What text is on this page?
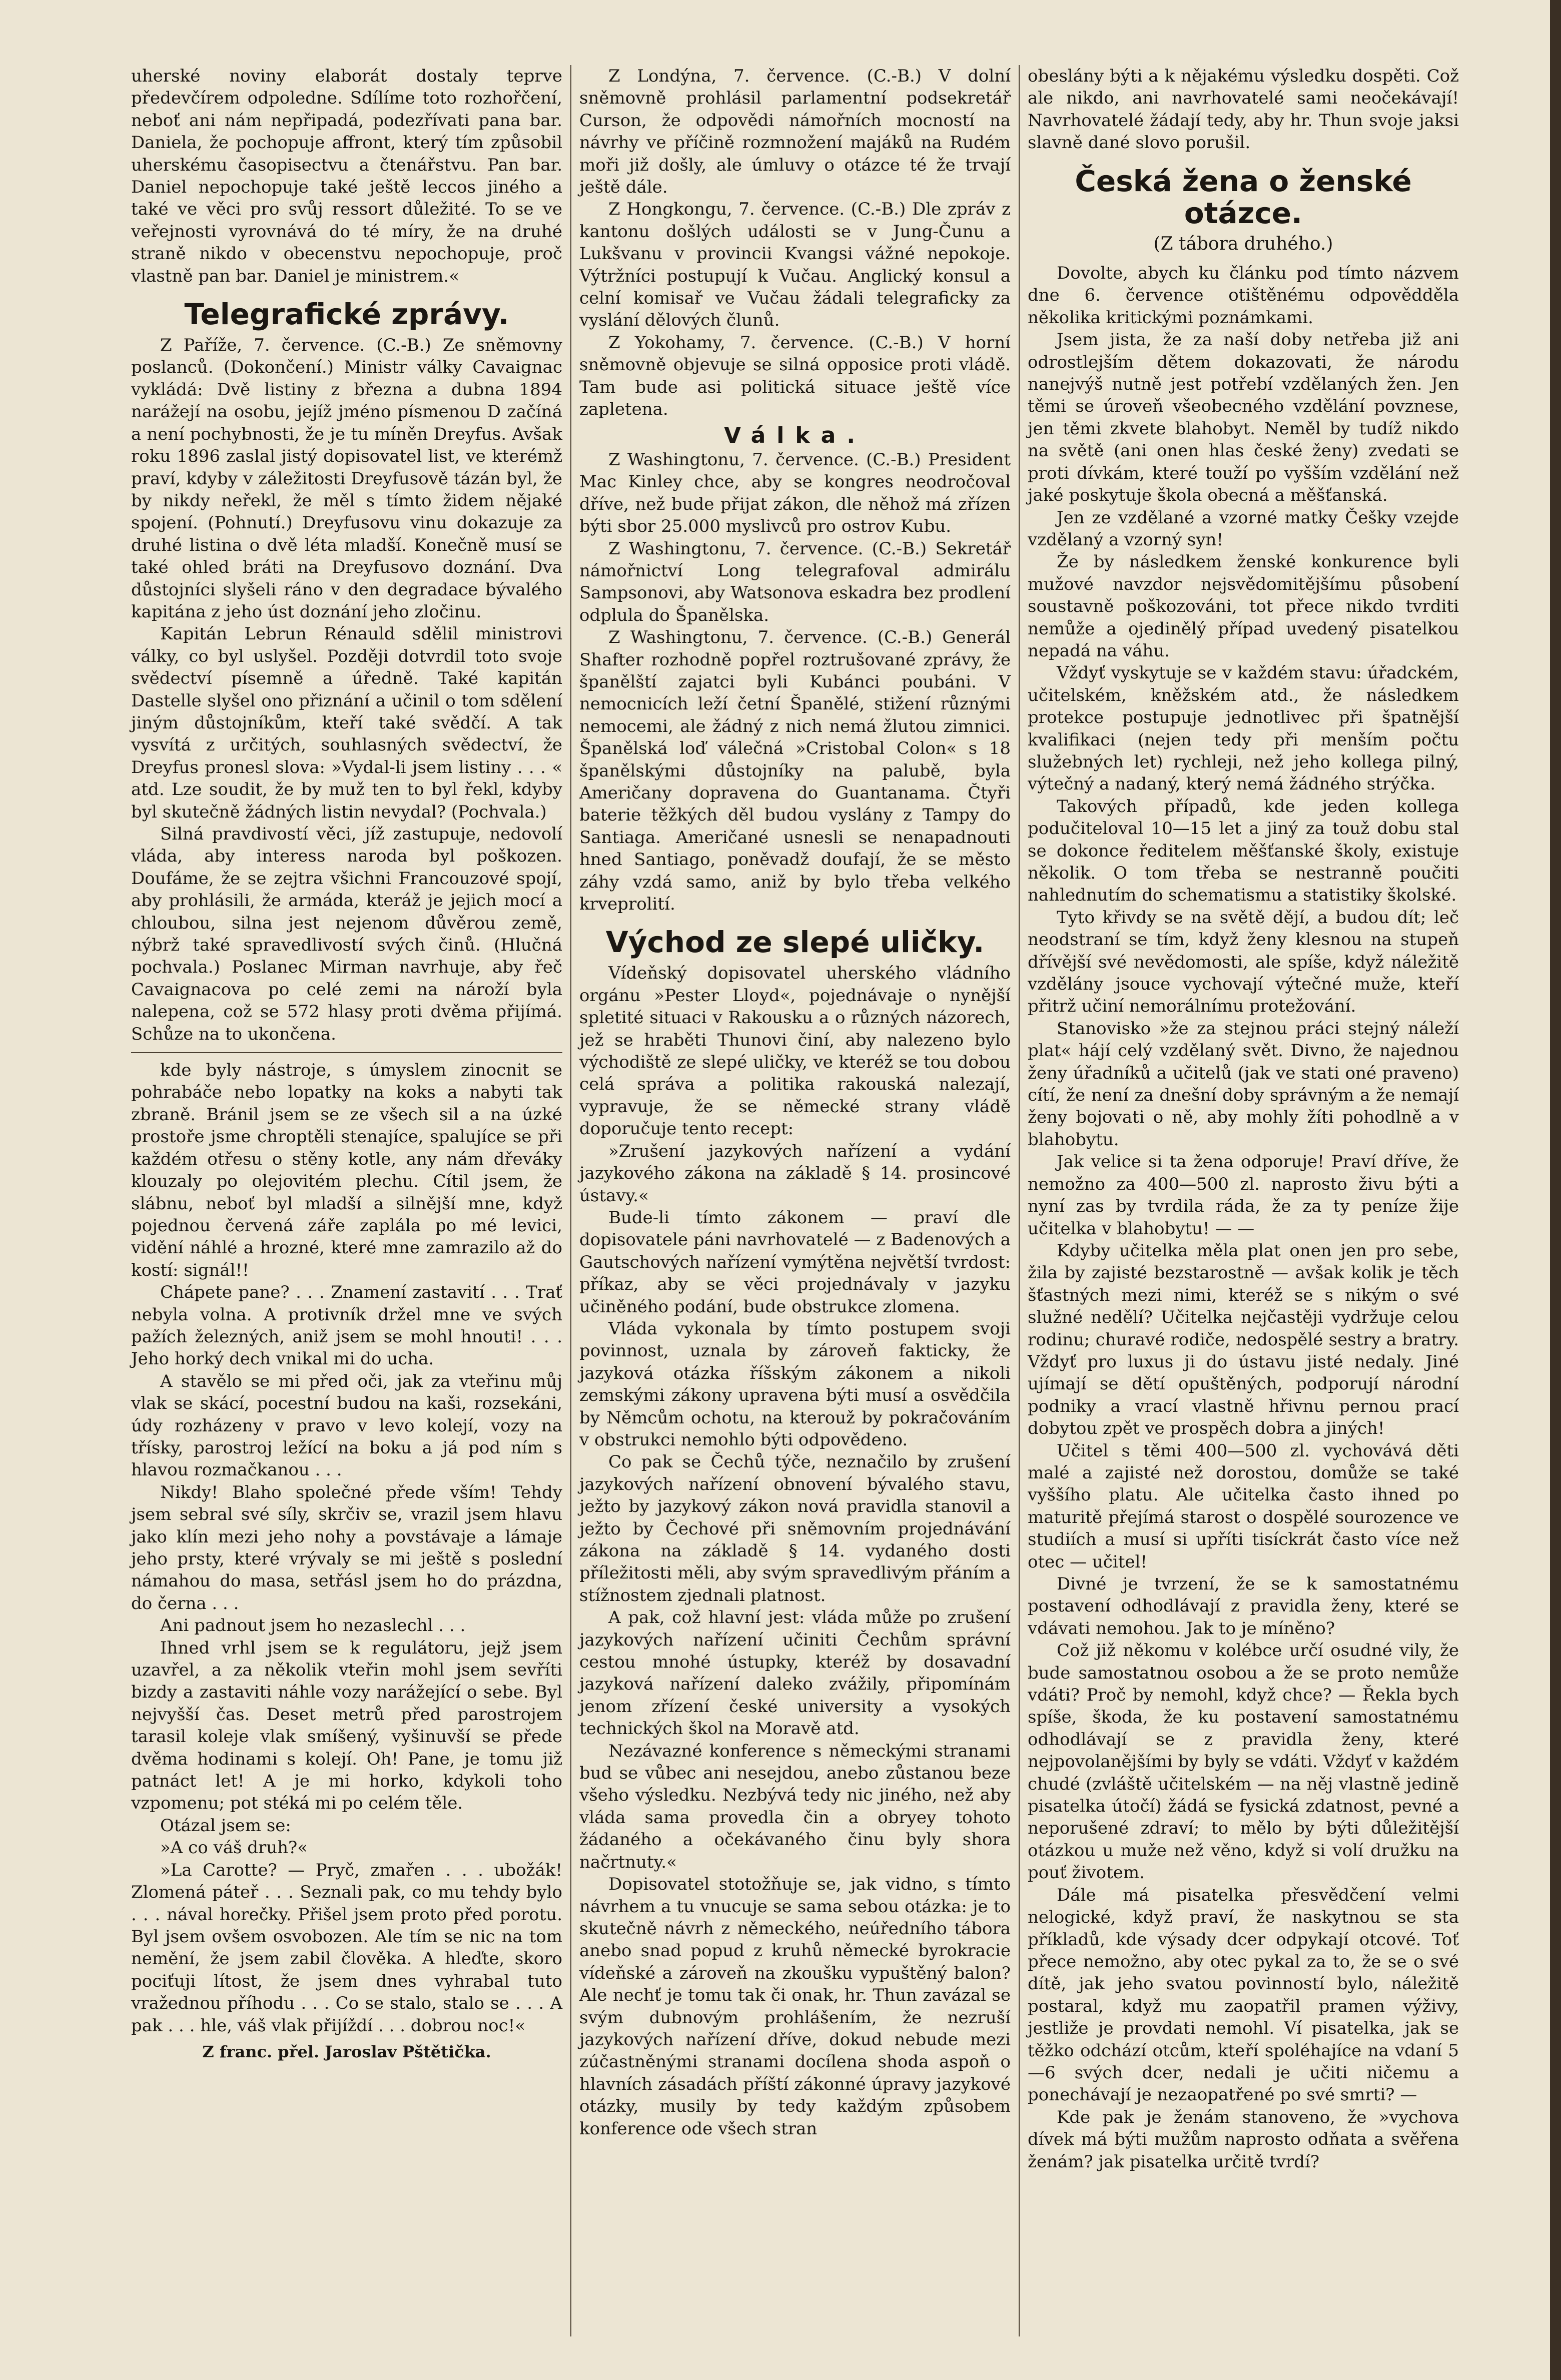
uherské noviny elaborát dostaly teprve předevčírem odpoledne. Sdílíme toto rozhořčení, neboť ani nám nepřipadá, podezřívati pana bar. Daniela, že pochopuje affront, který tím způsobil uherskému časopisectvu a čtenářstvu. Pan bar. Daniel nepochopuje také ještě leccos jiného a také ve věci pro svůj ressort důležité. To se ve veřejnosti vyrovnává do té míry, že na druhé straně nikdo v obecenstvu nepochopuje, proč vlastně pan bar. Daniel je ministrem.«

Telegrafické zprávy.

Z Paříže, 7. července. (C.-B.) Ze sněmovny poslanců. (Dokončení.) Ministr války Cavaignac vykládá: Dvě listiny z března a dubna 1894 narážejí na osobu, jejíž jméno písmenou D začíná a není pochybnosti, že je tu míněn Dreyfus. Avšak roku 1896 zaslal jistý dopisovatel list, ve kterémž praví, kdyby v záležitosti Dreyfusově tázán byl, že by nikdy neřekl, že měl s tímto židem nějaké spojení. (Pohnutí.) Dreyfusovu vinu dokazuje za druhé listina o dvě léta mladší. Konečně musí se také ohled bráti na Dreyfusovo doznání. Dva důstojníci slyšeli ráno v den degradace bývalého kapitána z jeho úst doznání jeho zločinu.

Kapitán Lebrun Rénauld sdělil ministrovi války, co byl uslyšel. Později dotvrdil toto svoje svědectví písemně a úředně. Také kapitán Dastelle slyšel ono přiznání a učinil o tom sdělení jiným důstojníkům, kteří také svědčí. A tak vysvítá z určitých, souhlasných svědectví, že Dreyfus pronesl slova: »Vydal-li jsem listiny . . . « atd. Lze soudit, že by muž ten to byl řekl, kdyby byl skutečně žádných listin nevydal? (Pochvala.)

Silná pravdivostí věci, jíž zastupuje, nedovolí vláda, aby interess naroda byl poškozen. Doufáme, že se zejtra všichni Francouzové spojí, aby prohlásili, že armáda, kteráž je jejich mocí a chloubou, silna jest nejenom důvěrou země, nýbrž také spravedlivostí svých činů. (Hlučná pochvala.) Poslanec Mirman navrhuje, aby řeč Cavaignacova po celé zemi na nároží byla nalepena, což se 572 hlasy proti dvěma přijímá. Schůze na to ukončena.

kde byly nástroje, s úmyslem zinocnit se pohrabáče nebo lopatky na koks a nabyti tak zbraně. Bránil jsem se ze všech sil a na úzké prostoře jsme chroptěli stenajíce, spalujíce se při každém otřesu o stěny kotle, any nám dřeváky klouzaly po olejovitém plechu. Cítil jsem, že slábnu, neboť byl mladší a silnější mne, když pojednou červená záře zaplála po mé levici, vidění náhlé a hrozné, které mne zamrazilo až do kostí: signál!!

Chápete pane? . . . Znamení zastavití . . . Trať nebyla volna. A protivník držel mne ve svých pažích železných, aniž jsem se mohl hnouti! . . . Jeho horký dech vnikal mi do ucha.

A stavělo se mi před oči, jak za vteřinu můj vlak se skácí, pocestní budou na kaši, rozsekáni, údy rozházeny v pravo v levo kolejí, vozy na třísky, parostroj ležící na boku a já pod ním s hlavou rozmačkanou . . .

Nikdy! Blaho společné přede vším! Tehdy jsem sebral své síly, skrčiv se, vrazil jsem hlavu jako klín mezi jeho nohy a povstávaje a lámaje jeho prsty, které vrývaly se mi ještě s poslední námahou do masa, setřásl jsem ho do prázdna, do černa . . .

Ani padnout jsem ho nezaslechl . . .

Ihned vrhl jsem se k regulátoru, jejž jsem uzavřel, a za několik vteřin mohl jsem sevříti bizdy a zastaviti náhle vozy narážející o sebe. Byl nejvyšší čas. Deset metrů před parostrojem tarasil koleje vlak smíšený, vyšinuvší se přede dvěma hodinami s kolejí. Oh! Pane, je tomu již patnáct let! A je mi horko, kdykoli toho vzpomenu; pot stéká mi po celém těle.

Otázal jsem se:

»A co váš druh?«

»La Carotte? — Pryč, zmařen . . . ubožák! Zlomená páteř . . . Seznali pak, co mu tehdy bylo . . . nával horečky. Přišel jsem proto před porotu. Byl jsem ovšem osvobozen. Ale tím se nic na tom nemění, že jsem zabil člověka. A hleďte, skoro pociťuji lítost, že jsem dnes vyhrabal tuto vražednou příhodu . . . Co se stalo, stalo se . . . A pak . . . hle, váš vlak přijíždí . . . dobrou noc!«

Z franc. přel. Jaroslav Pštětička.

Z Londýna, 7. července. (C.-B.) V dolní sněmovně prohlásil parlamentní podsekretář Curson, že odpovědi námořních mocností na návrhy ve příčině rozmnožení majáků na Rudém moři již došly, ale úmluvy o otázce té že trvají ještě dále.

Z Hongkongu, 7. července. (C.-B.) Dle zpráv z kantonu došlých události se v Jung-Čunu a Lukšvanu v provincii Kvangsi vážné nepokoje. Výtržníci postupují k Vučau. Anglický konsul a celní komisař ve Vučau žádali telegraficky za vyslání dělových člunů.

Z Yokohamy, 7. července. (C.-B.) V horní sněmovně objevuje se silná opposice proti vládě. Tam bude asi politická situace ještě více zapletena.

Válka.

Z Washingtonu, 7. července. (C.-B.) President Mac Kinley chce, aby se kongres neodročoval dříve, než bude přijat zákon, dle něhož má zřízen býti sbor 25.000 myslivců pro ostrov Kubu.

Z Washingtonu, 7. července. (C.-B.) Sekretář námořnictví Long telegrafoval admirálu Sampsonovi, aby Watsonova eskadra bez prodlení odplula do Španělska.

Z Washingtonu, 7. července. (C.-B.) Generál Shafter rozhodně popřel roztrušované zprávy, že španělští zajatci byli Kubánci poubáni. V nemocnicích leží četní Španělé, stižení různými nemocemi, ale žádný z nich nemá žlutou zimnici. Španělská loď válečná »Cristobal Colon« s 18 španělskými důstojníky na palubě, byla Američany dopravena do Guantanama. Čtyři baterie těžkých děl budou vyslány z Tampy do Santiaga. Američané usnesli se nenapadnouti hned Santiago, poněvadž doufají, že se město záhy vzdá samo, aniž by bylo třeba velkého krveprolití.

Východ ze slepé uličky.

Vídeňský dopisovatel uherského vládního orgánu »Pester Lloyd«, pojednávaje o nynější spletité situaci v Rakousku a o různých názorech, jež se hraběti Thunovi činí, aby nalezeno bylo východiště ze slepé uličky, ve kteréž se tou dobou celá správa a politika rakouská nalezají, vypravuje, že se německé strany vládě doporučuje tento recept:

»Zrušení jazykových nařízení a vydání jazykového zákona na základě § 14. prosincové ústavy.«

Bude-li tímto zákonem — praví dle dopisovatele páni navrhovatelé — z Badenových a Gautschových nařízení vymýtěna největší tvrdost: příkaz, aby se věci projednávaly v jazyku učiněného podání, bude obstrukce zlomena.

Vláda vykonala by tímto postupem svoji povinnost, uznala by zároveň fakticky, že jazyková otázka říšským zákonem a nikoli zemskými zákony upravena býti musí a osvědčila by Němcům ochotu, na kterouž by pokračováním v obstrukci nemohlo býti odpovědeno.

Co pak se Čechů týče, neznačilo by zrušení jazykových nařízení obnovení bývalého stavu, ježto by jazykový zákon nová pravidla stanovil a ježto by Čechové při sněmovním projednávání zákona na základě § 14. vydaného dosti příležitosti měli, aby svým spravedlivým přáním a stížnostem zjednali platnost.

A pak, což hlavní jest: vláda může po zrušení jazykových nařízení učiniti Čechům správní cestou mnohé ústupky, kteréž by dosavadní jazyková nařízení daleko zvážily, připomínám jenom zřízení české university a vysokých technických škol na Moravě atd.

Nezávazné konference s německými stranami bud se vůbec ani nesejdou, anebo zůstanou beze všeho výsledku. Nezbývá tedy nic jiného, než aby vláda sama provedla čin a obryey tohoto žádaného a očekávaného činu byly shora načrtnuty.«

Dopisovatel stotožňuje se, jak vidno, s tímto návrhem a tu vnucuje se sama sebou otázka: je to skutečně návrh z německého, neúředního tábora anebo snad popud z kruhů německé byrokracie vídeňské a zároveň na zkoušku vypuštěný balon? Ale nechť je tomu tak či onak, hr. Thun zavázal se svým dubnovým prohlášením, že nezruší jazykových nařízení dříve, dokud nebude mezi zúčastněnými stranami docílena shoda aspoň o hlavních zásadách příští zákonné úpravy jazykové otázky, musily by tedy každým způsobem konference ode všech stran

obeslány býti a k nějakému výsledku dospěti. Což ale nikdo, ani navrhovatelé sami neočekávají! Navrhovatelé žádají tedy, aby hr. Thun svoje jaksi slavně dané slovo porušil.

Česká žena o ženské otázce.
(Z tábora druhého.)

Dovolte, abych ku článku pod tímto názvem dne 6. července otištěnému odpovědděla několika kritickými poznámkami.

Jsem jista, že za naší doby netřeba již ani odrostlejším dětem dokazovati, že národu nanejvýš nutně jest potřebí vzdělaných žen. Jen těmi se úroveň všeobecného vzdělání povznese, jen těmi zkvete blahobyt. Neměl by tudíž nikdo na světě (ani onen hlas české ženy) zvedati se proti dívkám, které touží po vyšším vzdělání než jaké poskytuje škola obecná a měšťanská.

Jen ze vzdělané a vzorné matky Češky vzejde vzdělaný a vzorný syn!

Že by následkem ženské konkurence byli mužové navzdor nejsvědomitějšímu působení soustavně poškozováni, tot přece nikdo tvrditi nemůže a ojedinělý případ uvedený pisatelkou nepadá na váhu.

Vždyť vyskytuje se v každém stavu: úřadckém, učitelském, kněžském atd., že následkem protekce postupuje jednotlivec při špatnější kvalifikaci (nejen tedy při menším počtu služebných let) rychleji, než jeho kollega pilný, výtečný a nadaný, který nemá žádného strýčka.

Takových případů, kde jeden kollega podučiteloval 10—15 let a jiný za touž dobu stal se dokonce ředitelem měšťanské školy, existuje několik. O tom třeba se nestranně poučiti nahlednutím do schematismu a statistiky školské.

Tyto křivdy se na světě dějí, a budou dít; leč neodstraní se tím, když ženy klesnou na stupeň dřívější své nevědomosti, ale spíše, když náležitě vzdělány jsouce vychovají výtečné muže, kteří přitrž učiní nemorálnímu protežování.

Stanovisko »že za stejnou práci stejný náleží plat« hájí celý vzdělaný svět. Divno, že najednou ženy úřadníků a učitelů (jak ve stati oné praveno) cítí, že není za dnešní doby správným a že nemají ženy bojovati o ně, aby mohly žíti pohodlně a v blahobytu.

Jak velice si ta žena odporuje! Praví dříve, že nemožno za 400—500 zl. naprosto živu býti a nyní zas by tvrdila ráda, že za ty peníze žije učitelka v blahobytu! — —

Kdyby učitelka měla plat onen jen pro sebe, žila by zajisté bezstarostně — avšak kolik je těch šťastných mezi nimi, kteréž se s nikým o své služné nedělí? Učitelka nejčastěji vydržuje celou rodinu; churavé rodiče, nedospělé sestry a bratry. Vždyť pro luxus ji do ústavu jisté nedaly. Jiné ujímají se dětí opuštěných, podporují národní podniky a vrací vlastně hřivnu pernou prací dobytou zpět ve prospěch dobra a jiných!

Učitel s těmi 400—500 zl. vychovává děti malé a zajisté než dorostou, domůže se také vyššího platu. Ale učitelka často ihned po maturitě přejímá starost o dospělé sourozence ve studiích a musí si upříti tisíckrát často více než otec — učitel!

Divné je tvrzení, že se k samostatnému postavení odhodlávají z pravidla ženy, které se vdávati nemohou. Jak to je míněno?

Což již někomu v kolébce určí osudné vily, že bude samostatnou osobou a že se proto nemůže vdáti? Proč by nemohl, když chce? — Řekla bych spíše, škoda, že ku postavení samostatnému odhodlávají se z pravidla ženy, které nejpovolanějšími by byly se vdáti. Vždyť v každém chudé (zvláště učitelském — na něj vlastně jedině pisatelka útočí) žádá se fysická zdatnost, pevné a neporušené zdraví; to mělo by býti důležitější otázkou u muže než věno, když si volí družku na pouť životem.

Dále má pisatelka přesvědčení velmi nelogické, když praví, že naskytnou se sta příkladů, kde výsady dcer odpykají otcové. Toť přece nemožno, aby otec pykal za to, že se o své dítě, jak jeho svatou povinností bylo, náležitě postaral, když mu zaopatřil pramen výživy, jestliže je provdati nemohl. Ví pisatelka, jak se těžko odchází otcům, kteří spoléhajíce na vdaní 5—6 svých dcer, nedali je učiti ničemu a ponechávají je nezaopatřené po své smrti? —

Kde pak je ženám stanoveno, že »vychova dívek má býti mužům naprosto odňata a svěřena ženám? jak pisatelka určitě tvrdí?
